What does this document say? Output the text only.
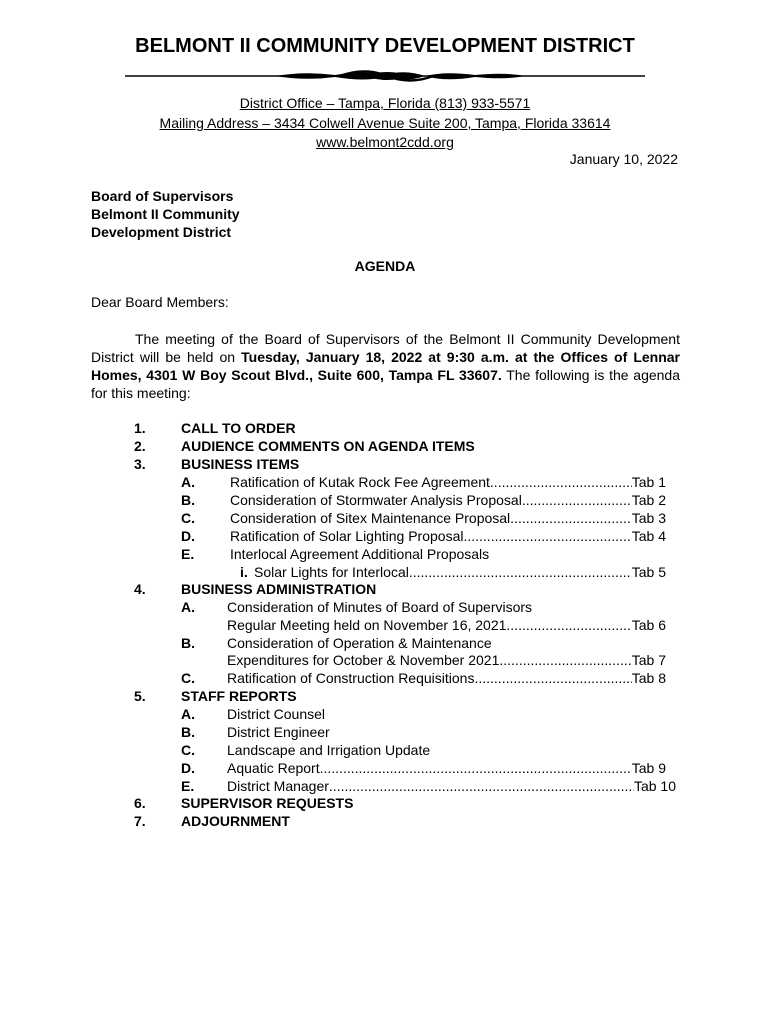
BELMONT II COMMUNITY DEVELOPMENT DISTRICT
District Office – Tampa, Florida (813) 933-5571
Mailing Address – 3434 Colwell Avenue Suite 200, Tampa, Florida 33614
www.belmont2cdd.org
January 10, 2022
Board of Supervisors
Belmont II Community
Development District
AGENDA
Dear Board Members:
The meeting of the Board of Supervisors of the Belmont II Community Development District will be held on Tuesday, January 18, 2022 at 9:30 a.m. at the Offices of Lennar Homes, 4301 W Boy Scout Blvd., Suite 600, Tampa FL 33607. The following is the agenda for this meeting:
1.	CALL TO ORDER
2.	AUDIENCE COMMENTS ON AGENDA ITEMS
3.	BUSINESS ITEMS
A.	Ratification of Kutak Rock Fee Agreement .....	Tab 1
B.	Consideration of Stormwater Analysis Proposal .....	Tab 2
C.	Consideration of Sitex Maintenance Proposal .....	Tab 3
D.	Ratification of Solar Lighting Proposal .....	Tab 4
E.	Interlocal Agreement Additional Proposals
i. Solar Lights for Interlocal .....	Tab 5
4.	BUSINESS ADMINISTRATION
A. Consideration of Minutes of Board of Supervisors
Regular Meeting held on November 16, 2021 .....	Tab 6
B. Consideration of Operation & Maintenance
Expenditures for October & November 2021 .....	Tab 7
C. Ratification of Construction Requisitions .....	Tab 8
5.	STAFF REPORTS
A. District Counsel
B. District Engineer
C. Landscape and Irrigation Update
D. Aquatic Report .....	Tab 9
E. District Manager .....	Tab 10
6.	SUPERVISOR REQUESTS
7.	ADJOURNMENT
